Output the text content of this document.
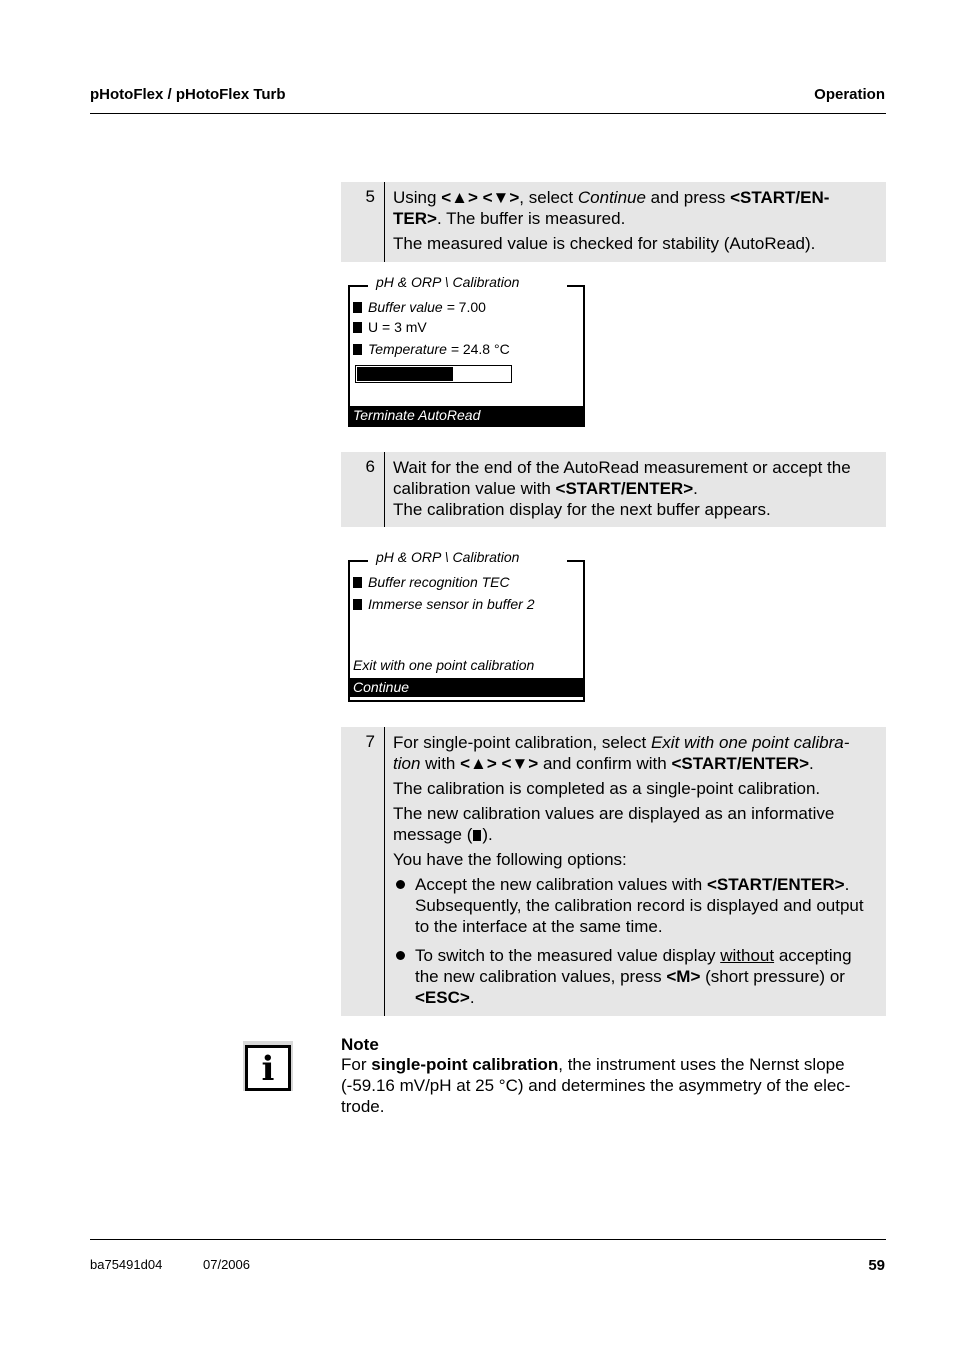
pHotoFlex / pHotoFlex Turb	Operation
5 Using <▲> <▼>, select Continue and press <START/EN-TER>. The buffer is measured.

The measured value is checked for stability (AutoRead).

pH & ORP \ Calibration
Buffer value = 7.00
U = 3 mV
Temperature = 24.8 °C
Terminate AutoRead
6 Wait for the end of the AutoRead measurement or accept the calibration value with <START/ENTER>.

The calibration display for the next buffer appears.

pH & ORP \ Calibration
Buffer recognition TEC
Immerse sensor in buffer 2
Exit with one point calibration
Continue
7 For single-point calibration, select Exit with one point calibra-tion with <▲> <▼> and confirm with <START/ENTER>.

The calibration is completed as a single-point calibration.

The new calibration values are displayed as an informative message ( ).

You have the following options:

Accept the new calibration values with <START/ENTER>. Subsequently, the calibration record is displayed and output to the interface at the same time.
To switch to the measured value display without accepting the new calibration values, press <M> (short pressure) or <ESC>.
i
Note
For single-point calibration, the instrument uses the Nernst slope (-59.16 mV/pH at 25 °C) and determines the asymmetry of the elec-trode.
ba75491d04	07/2006	59
